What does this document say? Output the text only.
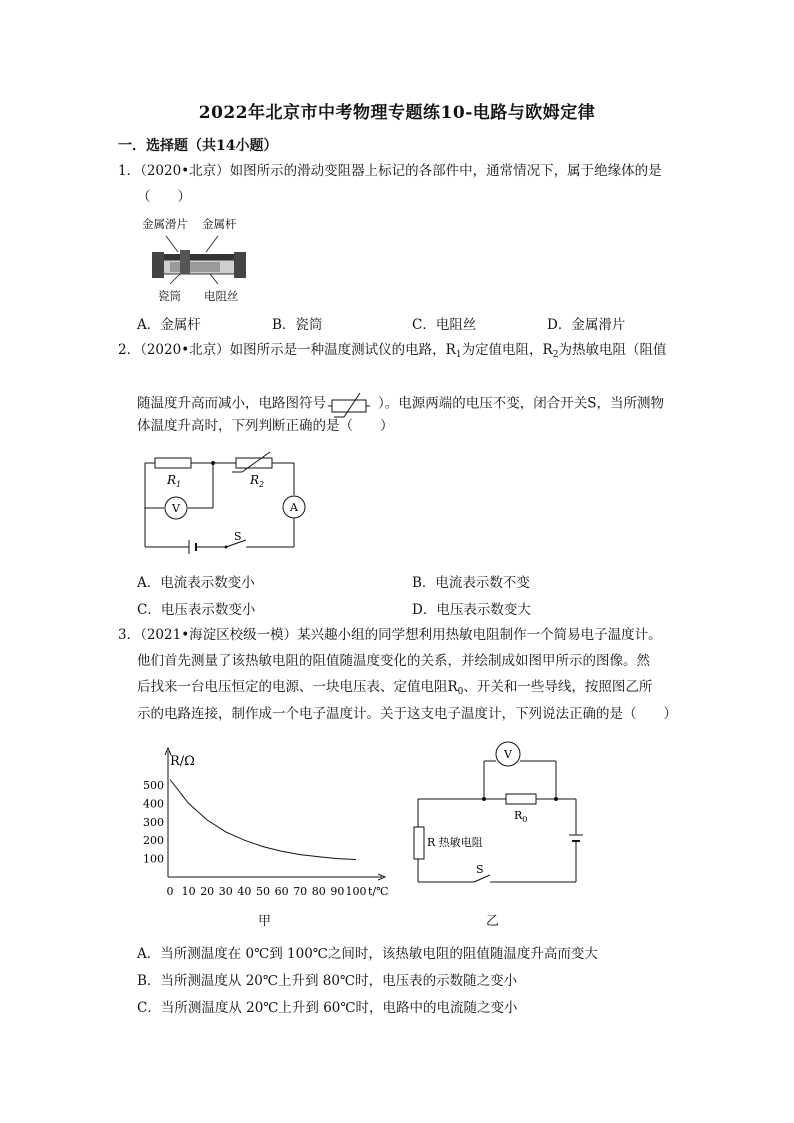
2022年北京市中考物理专题练10-电路与欧姆定律
一．选择题（共14小题）
1．（2020•北京）如图所示的滑动变阻器上标记的各部件中，通常情况下，属于绝缘体的是
（　　）
金属滑片 金属杆
瓷筒 电阻丝
A．金属杆	B．瓷筒	C．电阻丝	D．金属滑片
2．（2020•北京）如图所示是一种温度测试仪的电路，$R_1$为定值电阻，$R_2$为热敏电阻（阻值
随温度升高而减小，电路图符号	）。电源两端的电压不变，闭合开关S，当所测物
体温度升高时，下列判断正确的是（　　）
$R_1$	$R_2$
V	A
S
A．电流表示数变小	B．电流表示数不变
C．电压表示数变小	D．电压表示数变大
3．（2021•海淀区校级一模）某兴趣小组的同学想利用热敏电阻制作一个简易电子温度计。
他们首先测量了该热敏电阻的阻值随温度变化的关系，并绘制成如图甲所示的图像。然
后找来一台电压恒定的电源、一块电压表、定值电阻$R_0$、开关和一些导线，按照图乙所
示的电路连接，制作成一个电子温度计。关于这支电子温度计，下列说法正确的是（　　）
R/Ω
t/℃
100
200
300
400
500
0 10 20 30 40 50 60 70 80 90 100
甲
V
$R_0$
R 热敏电阻
S
乙
A．当所测温度在 0℃到 100℃之间时，该热敏电阻的阻值随温度升高而变大
B．当所测温度从 20℃上升到 80℃时，电压表的示数随之变小
C．当所测温度从 20℃上升到 60℃时，电路中的电流随之变小
